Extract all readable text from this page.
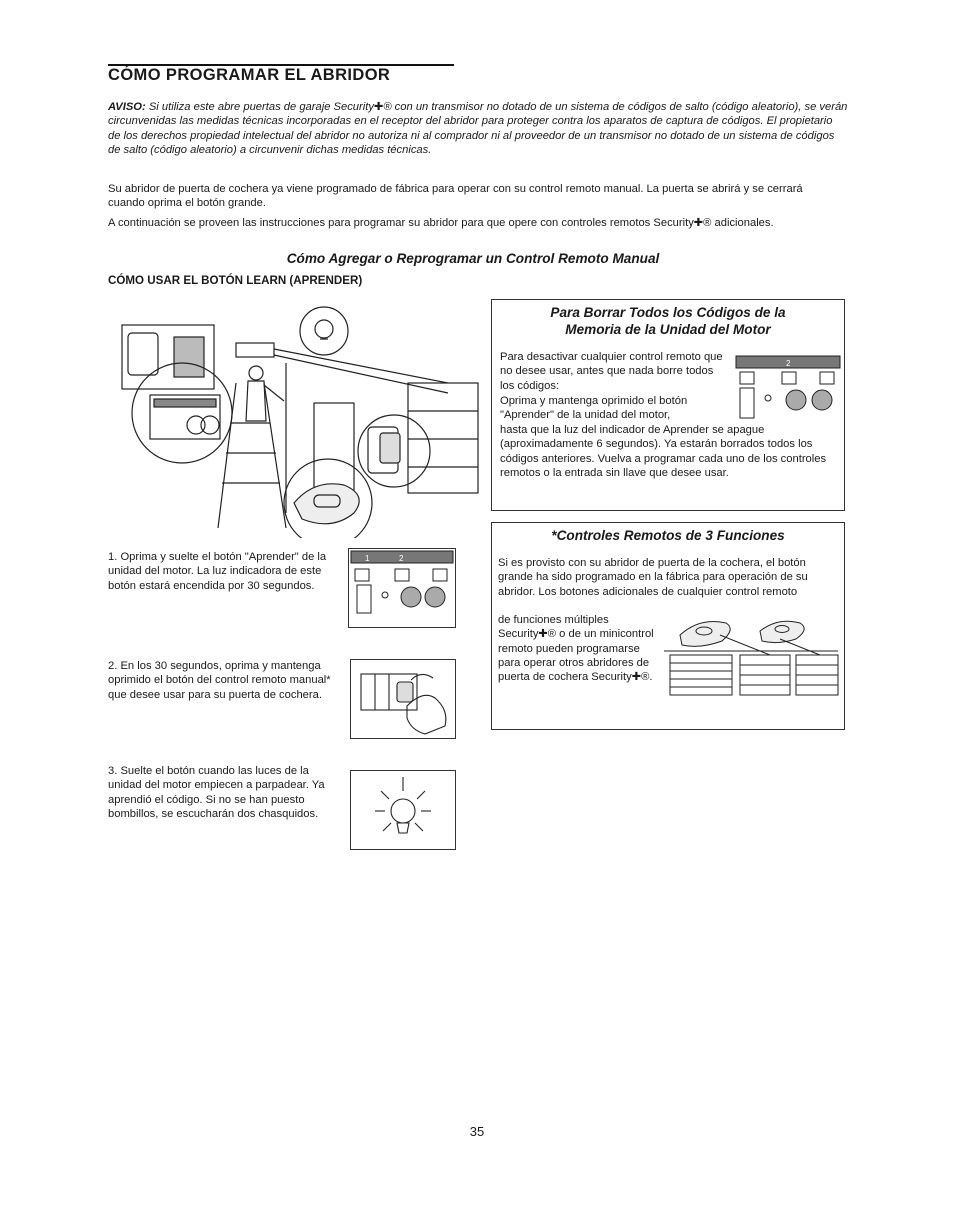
CÓMO PROGRAMAR EL ABRIDOR
AVISO: Si utiliza este abre puertas de garaje Security✚® con un transmisor no dotado de un sistema de códigos de salto (código aleatorio), se verán circunvenidas las medidas técnicas incorporadas en el receptor del abridor para proteger contra los aparatos de captura de códigos. El propietario de los derechos propiedad intelectual del abridor no autoriza ni al comprador ni al proveedor de un transmisor no dotado de un sistema de códigos de salto (código aleatorio) a circunvenir dichas medidas técnicas.
Su abridor de puerta de cochera ya viene programado de fábrica para operar con su control remoto manual. La puerta se abrirá y se cerrará cuando oprima el botón grande.
A continuación se proveen las instrucciones para programar su abridor para que opere con controles remotos Security✚® adicionales.
Cómo Agregar o Reprogramar un Control Remoto Manual
CÓMO USAR EL BOTÓN LEARN (APRENDER)
1. Oprima y suelte el botón "Aprender" de la unidad del motor. La luz indicadora de este botón estará encendida por 30 segundos.
1	2
2. En los 30 segundos, oprima y mantenga oprimido el botón del control remoto manual* que desee usar para su puerta de cochera.
3. Suelte el botón cuando las luces de la unidad del motor empiecen a parpadear. Ya aprendió el código. Si no se han puesto bombillos, se escucharán dos chasquidos.
Para Borrar Todos los Códigos de la
Memoria de la Unidad del Motor
Para desactivar cualquier control remoto que no desee usar, antes que nada borre todos los códigos:
Oprima y mantenga oprimido el botón "Aprender" de la unidad del motor,
hasta que la luz del indicador de Aprender se apague (aproximadamente 6 segundos). Ya estarán borrados todos los códigos anteriores. Vuelva a programar cada uno de los controles remotos o la entrada sin llave que desee usar.
2
*Controles Remotos de 3 Funciones
Si es provisto con su abridor de puerta de la cochera, el botón grande ha sido programado en la fábrica para operación de su abridor. Los botones adicionales de cualquier control remoto
de funciones múltiples Security✚® o de un minicontrol remoto pueden programarse para operar otros abridores de puerta de cochera Security✚®.
35
